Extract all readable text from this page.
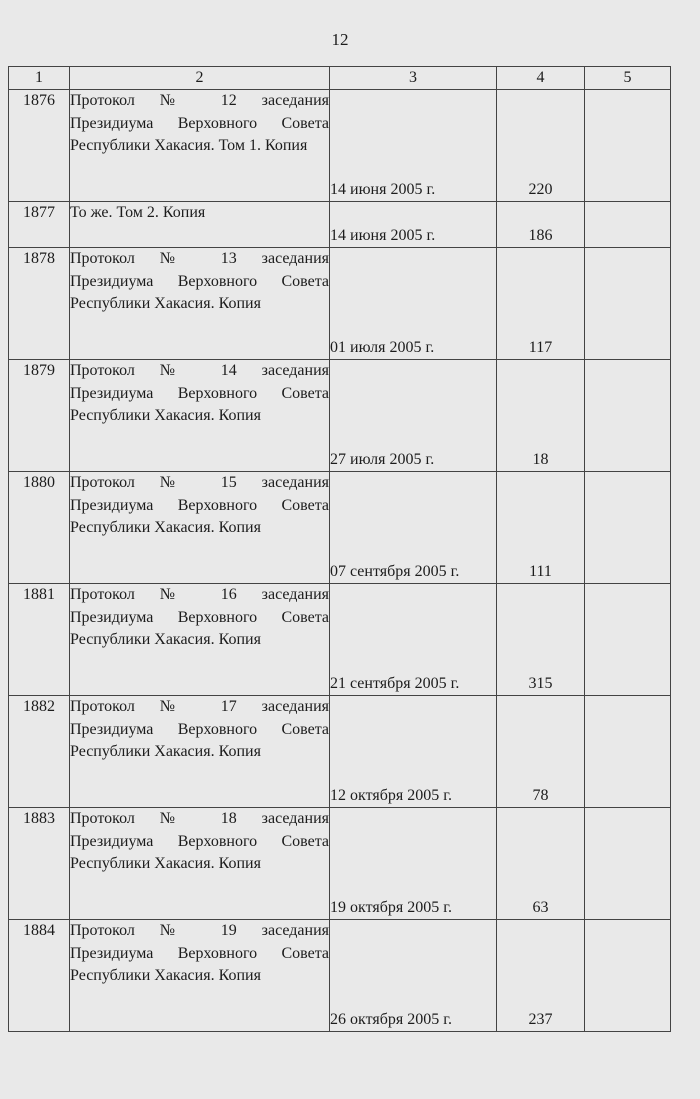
12
1	2	3	4	5
1876	Протокол № 12 заседания Президиума Верховного Совета Республики Хакасия. Том 1. Копия	14 июня 2005 г.	220	
1877	То же. Том 2. Копия	14 июня 2005 г.	186	
1878	Протокол № 13 заседания Президиума Верховного Совета Республики Хакасия. Копия	01 июля 2005 г.	117	
1879	Протокол № 14 заседания Президиума Верховного Совета Республики Хакасия. Копия	27 июля 2005 г.	18	
1880	Протокол № 15 заседания Президиума Верховного Совета Республики Хакасия. Копия	07 сентября 2005 г.	111	
1881	Протокол № 16 заседания Президиума Верховного Совета Республики Хакасия. Копия	21 сентября 2005 г.	315	
1882	Протокол № 17 заседания Президиума Верховного Совета Республики Хакасия. Копия	12 октября 2005 г.	78	
1883	Протокол № 18 заседания Президиума Верховного Совета Республики Хакасия. Копия	19 октября 2005 г.	63	
1884	Протокол № 19 заседания Президиума Верховного Совета Республики Хакасия. Копия	26 октября 2005 г.	237	
